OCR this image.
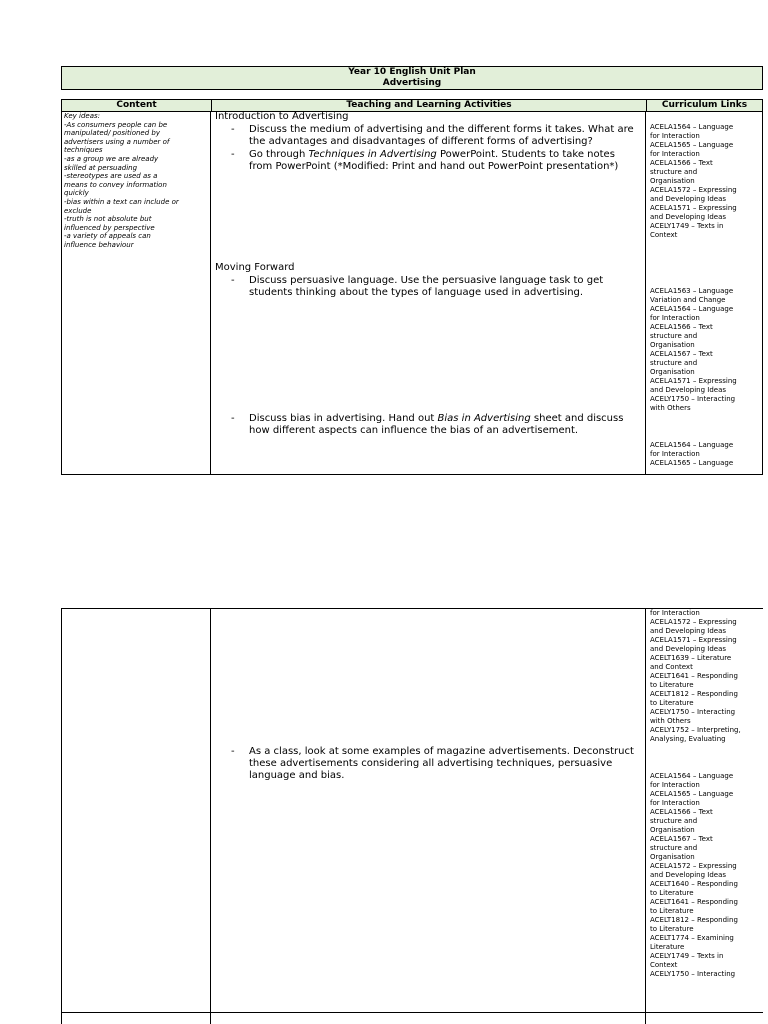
Year 10 English Unit Plan
Advertising
Content	Teaching and Learning Activities	Curriculum Links
Key ideas:
-As consumers people can be
manipulated/ positioned by
advertisers using a number of
techniques
-as a group we are already
skilled at persuading
-stereotypes are used as a
means to convey information
quickly
-bias within a text can include or
exclude
-truth is not absolute but
influenced by perspective
-a variety of appeals can
influence behaviour
Introduction to Advertising
- Discuss the medium of advertising and the different forms it takes. What are
the advantages and disadvantages of different forms of advertising?
- Go through Techniques in Advertising PowerPoint. Students to take notes
from PowerPoint (*Modified: Print and hand out PowerPoint presentation*)
Moving Forward
- Discuss persuasive language. Use the persuasive language task to get
students thinking about the types of language used in advertising.
- Discuss bias in advertising. Hand out Bias in Advertising sheet and discuss
how different aspects can influence the bias of an advertisement.
ACELA1564 – Language
for Interaction
ACELA1565 – Language
for Interaction
ACELA1566 – Text
structure and
Organisation
ACELA1572 – Expressing
and Developing Ideas
ACELA1571 – Expressing
and Developing Ideas
ACELY1749 – Texts in
Context
ACELA1563 – Language
Variation and Change
ACELA1564 – Language
for Interaction
ACELA1566 – Text
structure and
Organisation
ACELA1567 – Text
structure and
Organisation
ACELA1571 – Expressing
and Developing Ideas
ACELY1750 – Interacting
with Others
ACELA1564 – Language
for Interaction
ACELA1565 – Language
- As a class, look at some examples of magazine advertisements. Deconstruct
these advertisements considering all advertising techniques, persuasive
language and bias.
for Interaction
ACELA1572 – Expressing
and Developing Ideas
ACELA1571 – Expressing
and Developing Ideas
ACELT1639 – Literature
and Context
ACELT1641 – Responding
to Literature
ACELT1812 – Responding
to Literature
ACELY1750 – Interacting
with Others
ACELY1752 – Interpreting,
Analysing, Evaluating
ACELA1564 – Language
for Interaction
ACELA1565 – Language
for Interaction
ACELA1566 – Text
structure and
Organisation
ACELA1567 – Text
structure and
Organisation
ACELA1572 – Expressing
and Developing Ideas
ACELT1640 – Responding
to Literature
ACELT1641 – Responding
to Literature
ACELT1812 – Responding
to Literature
ACELT1774 – Examining
Literature
ACELY1749 – Texts in
Context
ACELY1750 – Interacting
